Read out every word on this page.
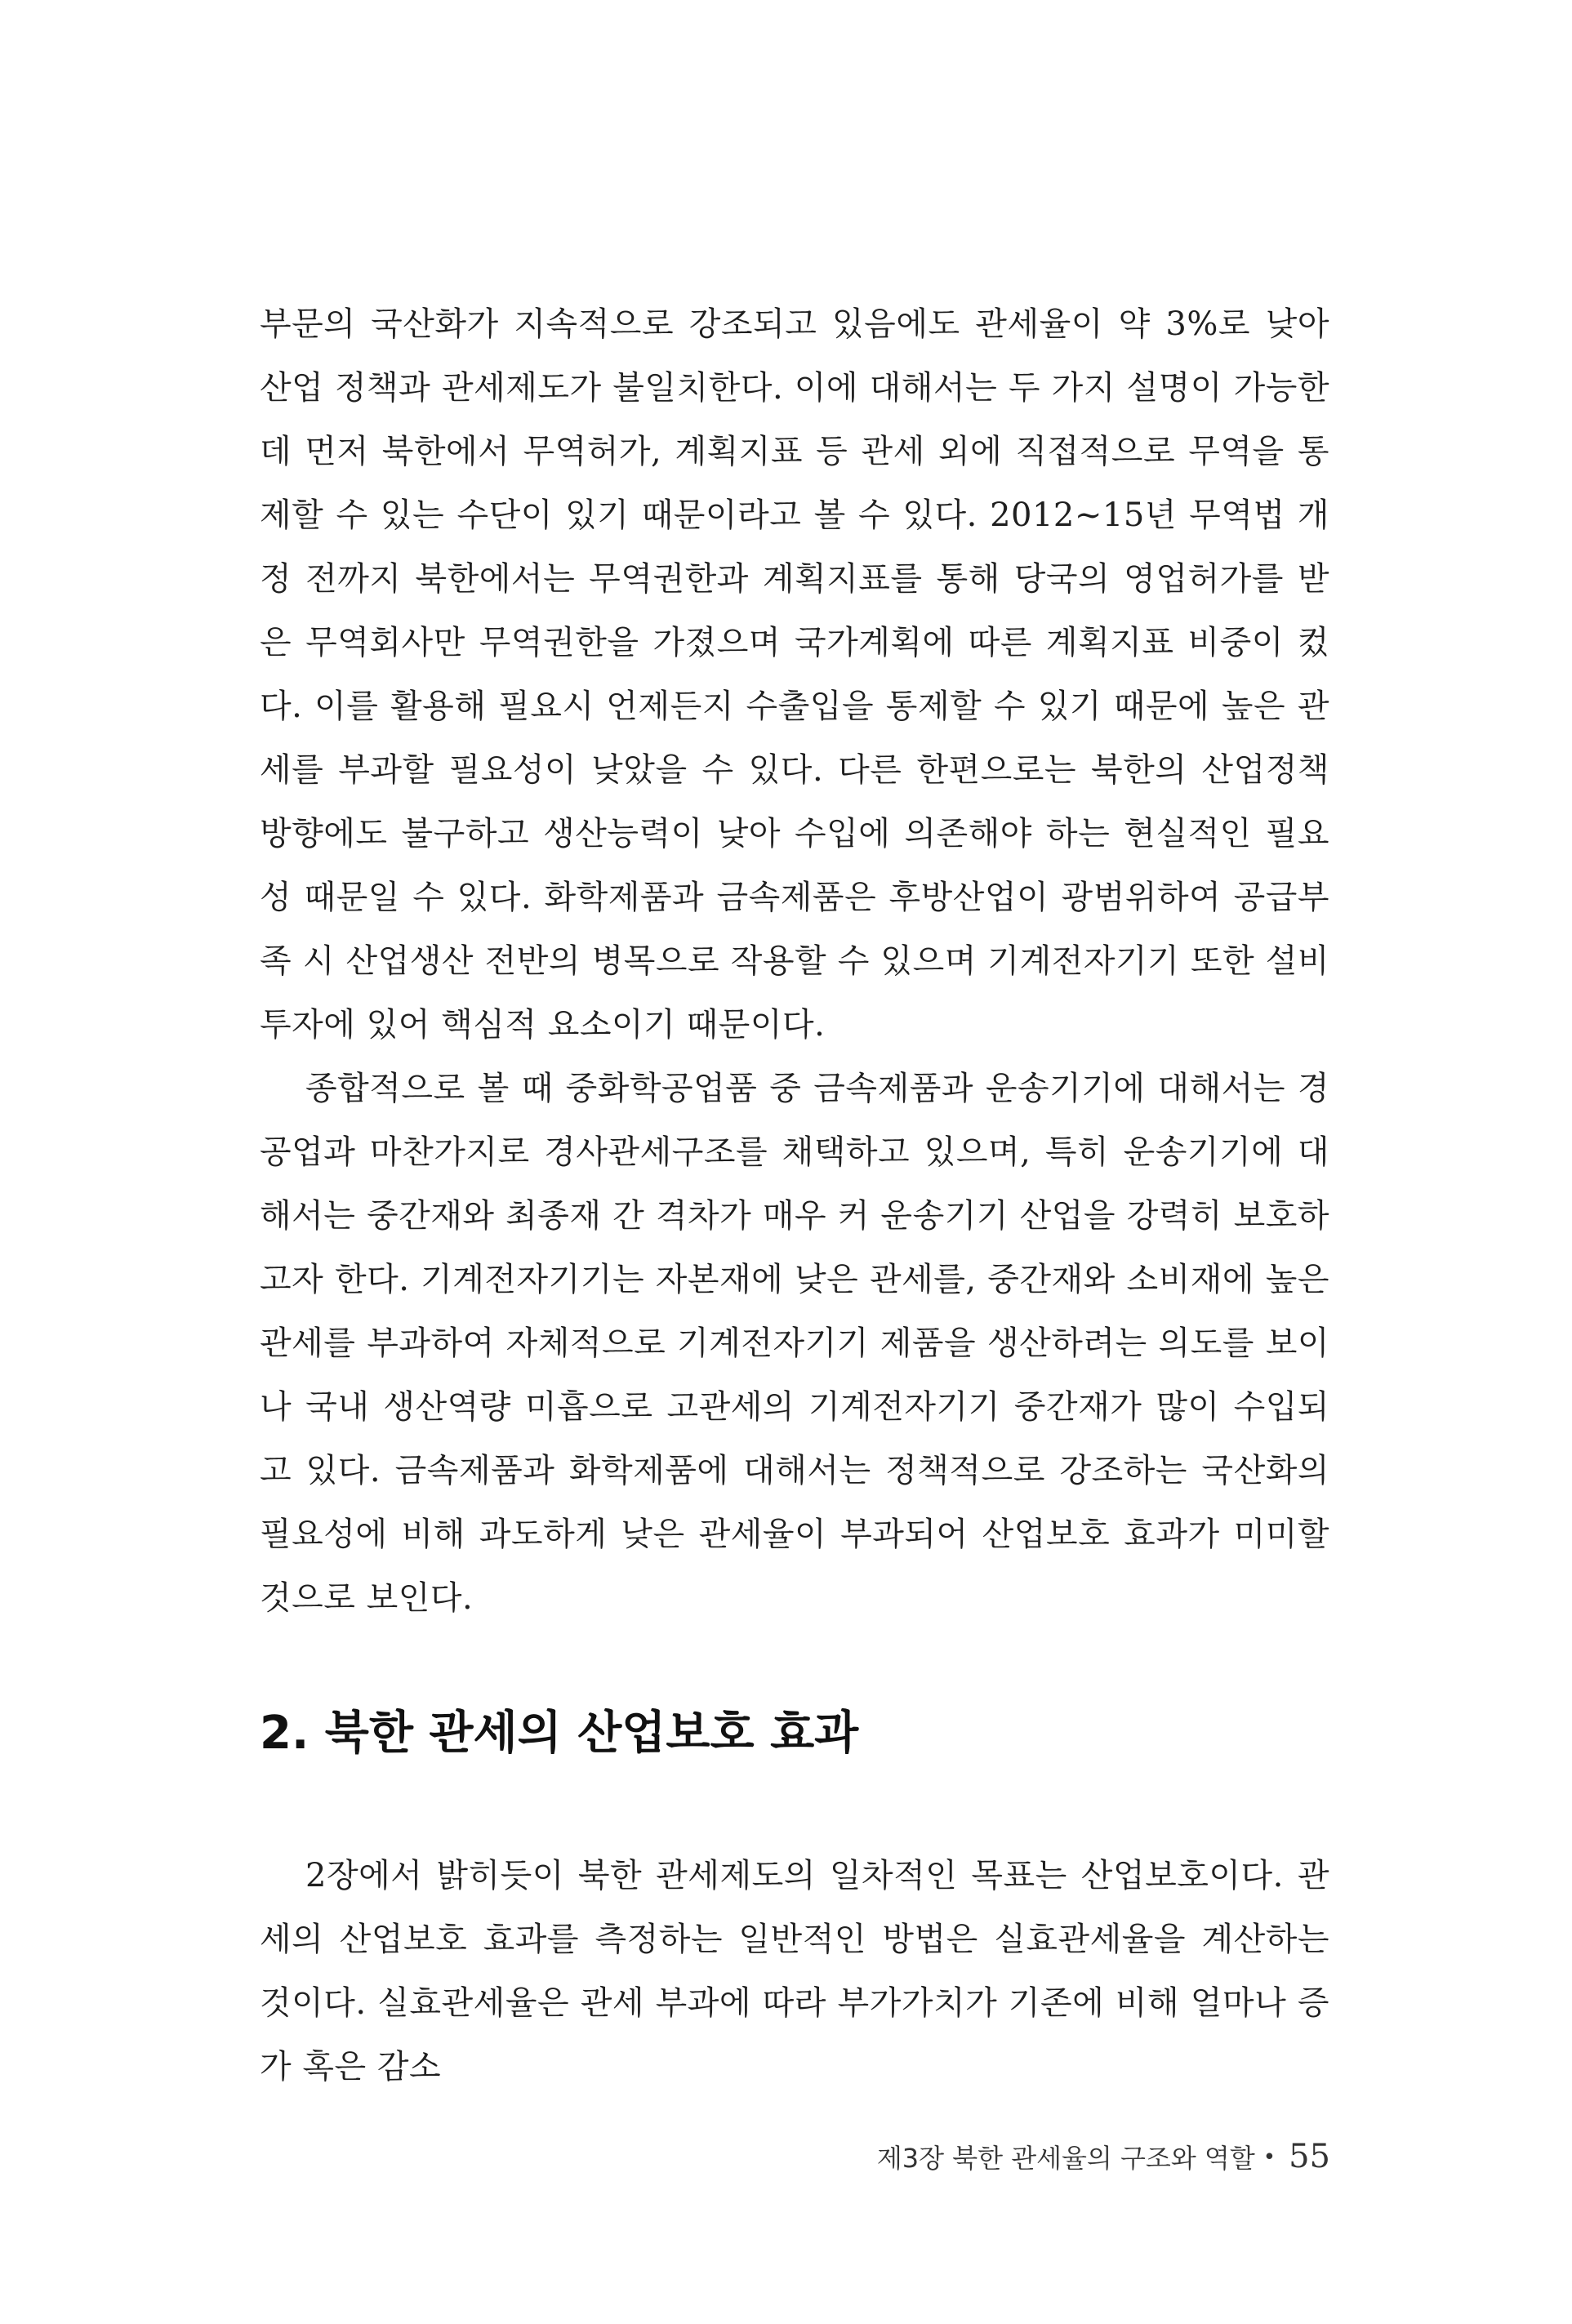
부문의 국산화가 지속적으로 강조되고 있음에도 관세율이 약 3%로 낮아 산업 정책과 관세제도가 불일치한다. 이에 대해서는 두 가지 설명이 가능한데 먼저 북한에서 무역허가, 계획지표 등 관세 외에 직접적으로 무역을 통제할 수 있는 수단이 있기 때문이라고 볼 수 있다. 2012~15년 무역법 개정 전까지 북한에서는 무역권한과 계획지표를 통해 당국의 영업허가를 받은 무역회사만 무역권한을 가졌으며 국가계획에 따른 계획지표 비중이 컸다. 이를 활용해 필요시 언제든지 수출입을 통제할 수 있기 때문에 높은 관세를 부과할 필요성이 낮았을 수 있다. 다른 한편으로는 북한의 산업정책 방향에도 불구하고 생산능력이 낮아 수입에 의존해야 하는 현실적인 필요성 때문일 수 있다. 화학제품과 금속제품은 후방산업이 광범위하여 공급부족 시 산업생산 전반의 병목으로 작용할 수 있으며 기계전자기기 또한 설비투자에 있어 핵심적 요소이기 때문이다.

종합적으로 볼 때 중화학공업품 중 금속제품과 운송기기에 대해서는 경공업과 마찬가지로 경사관세구조를 채택하고 있으며, 특히 운송기기에 대해서는 중간재와 최종재 간 격차가 매우 커 운송기기 산업을 강력히 보호하고자 한다. 기계전자기기는 자본재에 낮은 관세를, 중간재와 소비재에 높은 관세를 부과하여 자체적으로 기계전자기기 제품을 생산하려는 의도를 보이나 국내 생산역량 미흡으로 고관세의 기계전자기기 중간재가 많이 수입되고 있다. 금속제품과 화학제품에 대해서는 정책적으로 강조하는 국산화의 필요성에 비해 과도하게 낮은 관세율이 부과되어 산업보호 효과가 미미할 것으로 보인다.

2. 북한 관세의 산업보호 효과

2장에서 밝히듯이 북한 관세제도의 일차적인 목표는 산업보호이다. 관세의 산업보호 효과를 측정하는 일반적인 방법은 실효관세율을 계산하는 것이다. 실효관세율은 관세 부과에 따라 부가가치가 기존에 비해 얼마나 증가 혹은 감소

제3장 북한 관세율의 구조와 역할 • 55
